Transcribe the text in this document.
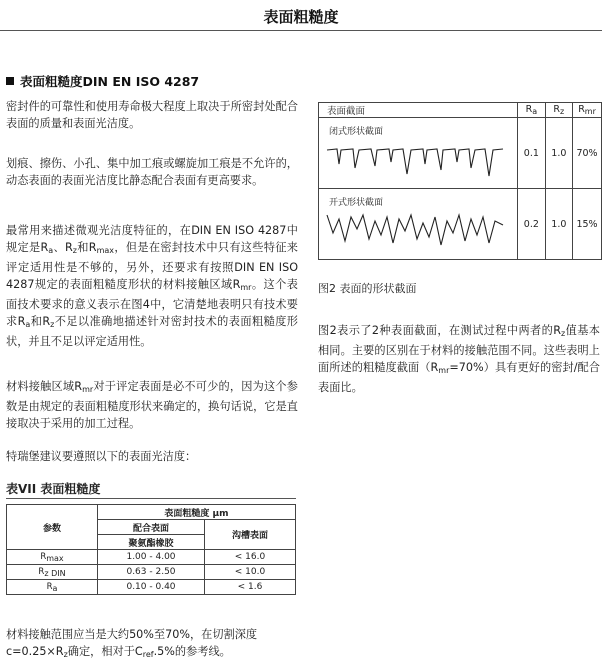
表面粗糙度
表面粗糙度DIN EN ISO 4287
密封件的可靠性和使用寿命极大程度上取决于所密封处配合表面的质量和表面光洁度。
划痕、擦伤、小孔、集中加工痕或螺旋加工痕是不允许的，动态表面的表面光洁度比静态配合表面有更高要求。
最常用来描述微观光洁度特征的，在DIN EN ISO 4287中规定是$R_a$、$R_z$和$R_{max}$，但是在密封技术中只有这些特征来评定适用性是不够的，另外，还要求有按照DIN EN ISO 4287规定的表面粗糙度形状的材料接触区域$R_{mr}$。这个表面技术要求的意义表示在图4中，它清楚地表明只有技术要求$R_a$和$R_z$不足以准确地描述针对密封技术的表面粗糙度形状，并且不足以评定适用性。
材料接触区域$R_{mr}$对于评定表面是必不可少的，因为这个参数是由规定的表面粗糙度形状来确定的，换句话说，它是直接取决于采用的加工过程。
特瑞堡建议要遵照以下的表面光洁度：
表面截面	$R_a$	$R_z$	$R_{mr}$

闭式形状截面	0.1	1.0	70%

开式形状截面	0.2	1.0	15%
图2 表面的形状截面
图2表示了2种表面截面，在测试过程中两者的$R_z$值基本相同。主要的区别在于材料的接触范围不同。这些表明上面所述的粗糙度截面$(R_{mr}=70\%)$具有更好的密封/配合表面比。
表VII 表面粗糙度
参数	表面粗糙度 μm	
	配合表面	沟槽表面
	聚氨酯橡胶	
$R_{max}$	1.00 - 4.00	< 16.0
$R_{z DIN}$	0.63 - 2.50	< 10.0
$R_a$	0.10 - 0.40	< 1.6
材料接触范围应当是大约50%至70%，在切割深度$c=0.25\times R_z$确定，相对于$C_{ref}.5\%$的参考线。
